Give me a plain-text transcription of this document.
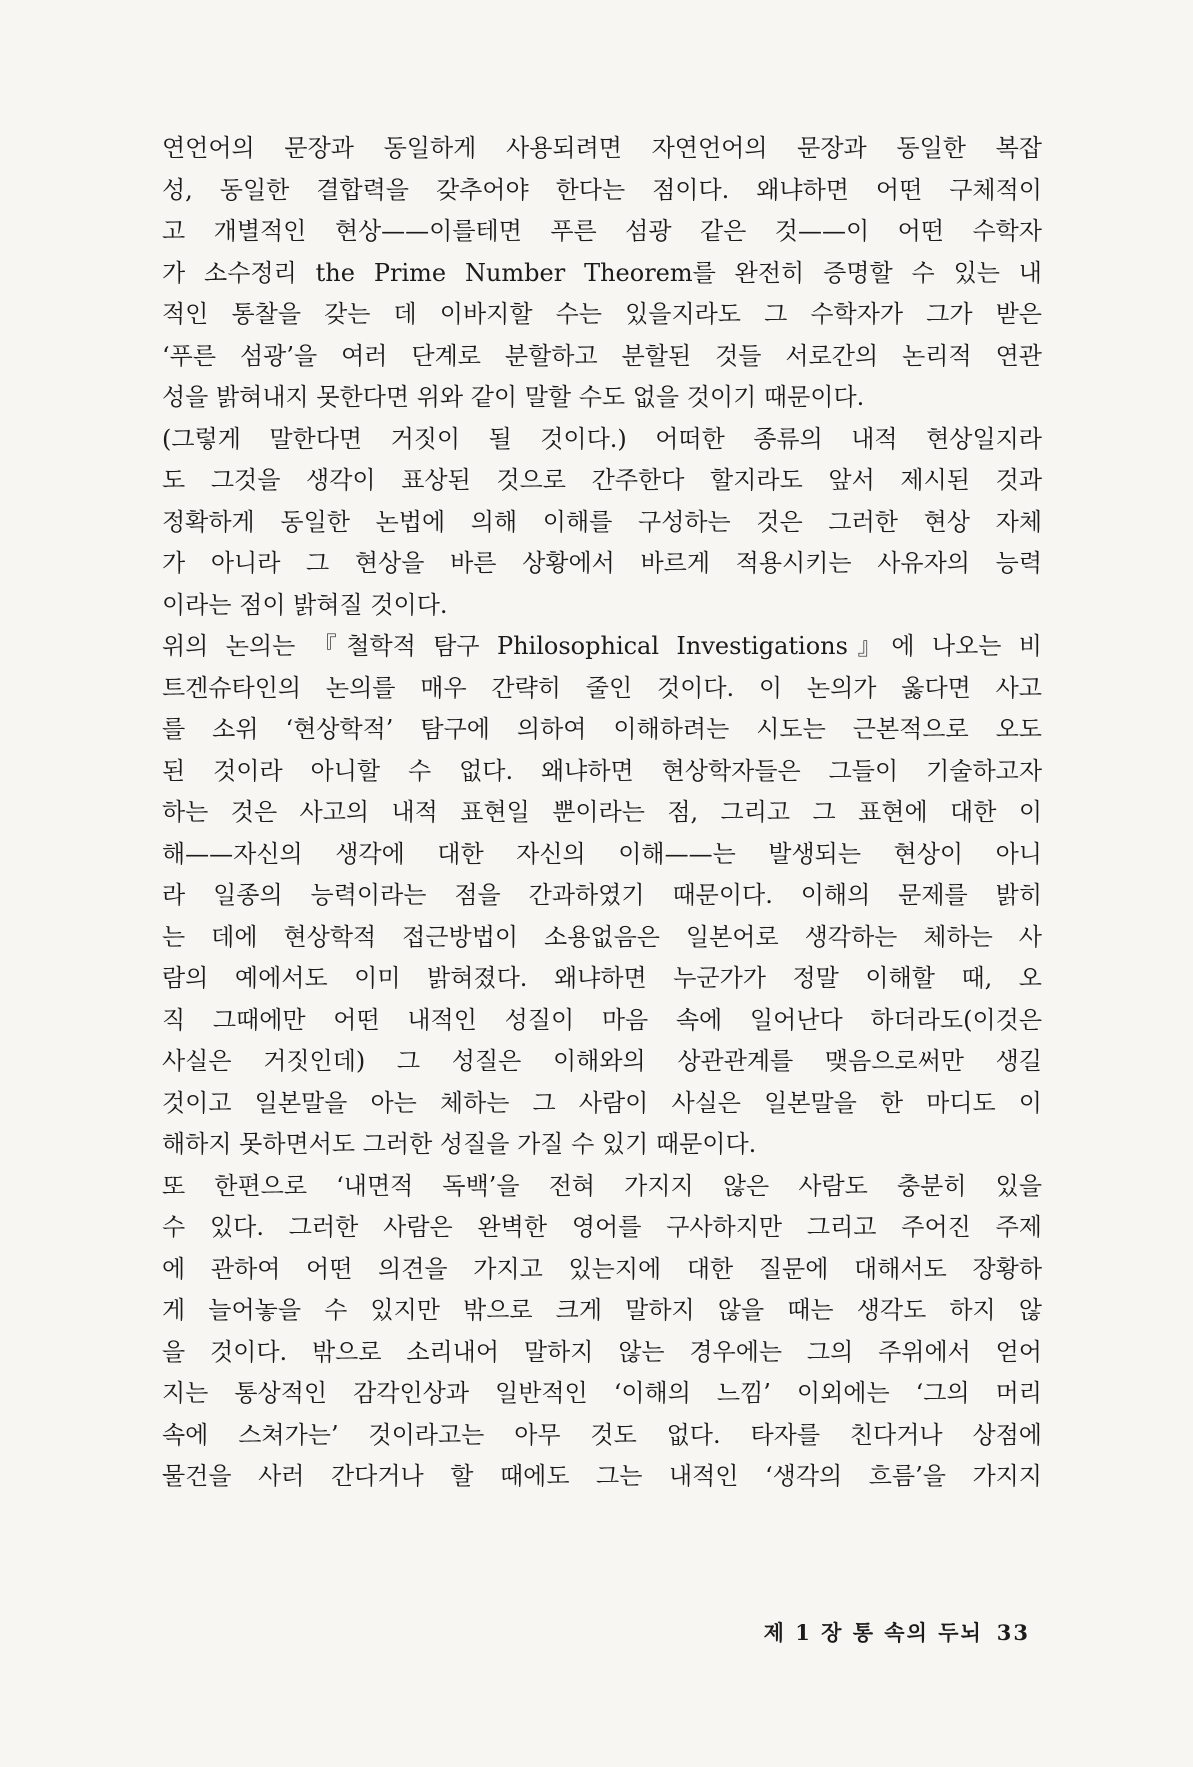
연언어의 문장과 동일하게 사용되려면 자연언어의 문장과 동일한 복잡
성, 동일한 결합력을 갖추어야 한다는 점이다. 왜냐하면 어떤 구체적이
고 개별적인 현상——이를테면 푸른 섬광 같은 것——이 어떤 수학자
가 소수정리 the Prime Number Theorem를 완전히 증명할 수 있는 내
적인 통찰을 갖는 데 이바지할 수는 있을지라도 그 수학자가 그가 받은
‘푸른 섬광’을 여러 단계로 분할하고 분할된 것들 서로간의 논리적 연관
성을 밝혀내지 못한다면 위와 같이 말할 수도 없을 것이기 때문이다.
(그렇게 말한다면 거짓이 될 것이다.) 어떠한 종류의 내적 현상일지라
도 그것을 생각이 표상된 것으로 간주한다 할지라도 앞서 제시된 것과
정확하게 동일한 논법에 의해 이해를 구성하는 것은 그러한 현상 자체
가 아니라 그 현상을 바른 상황에서 바르게 적용시키는 사유자의 능력
이라는 점이 밝혀질 것이다.
위의 논의는 『철학적 탐구 Philosophical Investigations』에 나오는 비
트겐슈타인의 논의를 매우 간략히 줄인 것이다. 이 논의가 옳다면 사고
를 소위 ‘현상학적’ 탐구에 의하여 이해하려는 시도는 근본적으로 오도
된 것이라 아니할 수 없다. 왜냐하면 현상학자들은 그들이 기술하고자
하는 것은 사고의 내적 표현일 뿐이라는 점, 그리고 그 표현에 대한 이
해——자신의 생각에 대한 자신의 이해——는 발생되는 현상이 아니
라 일종의 능력이라는 점을 간과하였기 때문이다. 이해의 문제를 밝히
는 데에 현상학적 접근방법이 소용없음은 일본어로 생각하는 체하는 사
람의 예에서도 이미 밝혀졌다. 왜냐하면 누군가가 정말 이해할 때, 오
직 그때에만 어떤 내적인 성질이 마음 속에 일어난다 하더라도(이것은
사실은 거짓인데) 그 성질은 이해와의 상관관계를 맺음으로써만 생길
것이고 일본말을 아는 체하는 그 사람이 사실은 일본말을 한 마디도 이
해하지 못하면서도 그러한 성질을 가질 수 있기 때문이다.
또 한편으로 ‘내면적 독백’을 전혀 가지지 않은 사람도 충분히 있을
수 있다. 그러한 사람은 완벽한 영어를 구사하지만 그리고 주어진 주제
에 관하여 어떤 의견을 가지고 있는지에 대한 질문에 대해서도 장황하
게 늘어놓을 수 있지만 밖으로 크게 말하지 않을 때는 생각도 하지 않
을 것이다. 밖으로 소리내어 말하지 않는 경우에는 그의 주위에서 얻어
지는 통상적인 감각인상과 일반적인 ‘이해의 느낌’ 이외에는 ‘그의 머리
속에 스쳐가는’ 것이라고는 아무 것도 없다. 타자를 친다거나 상점에
물건을 사러 간다거나 할 때에도 그는 내적인 ‘생각의 흐름’을 가지지
제 1 장 통 속의 두뇌 33
